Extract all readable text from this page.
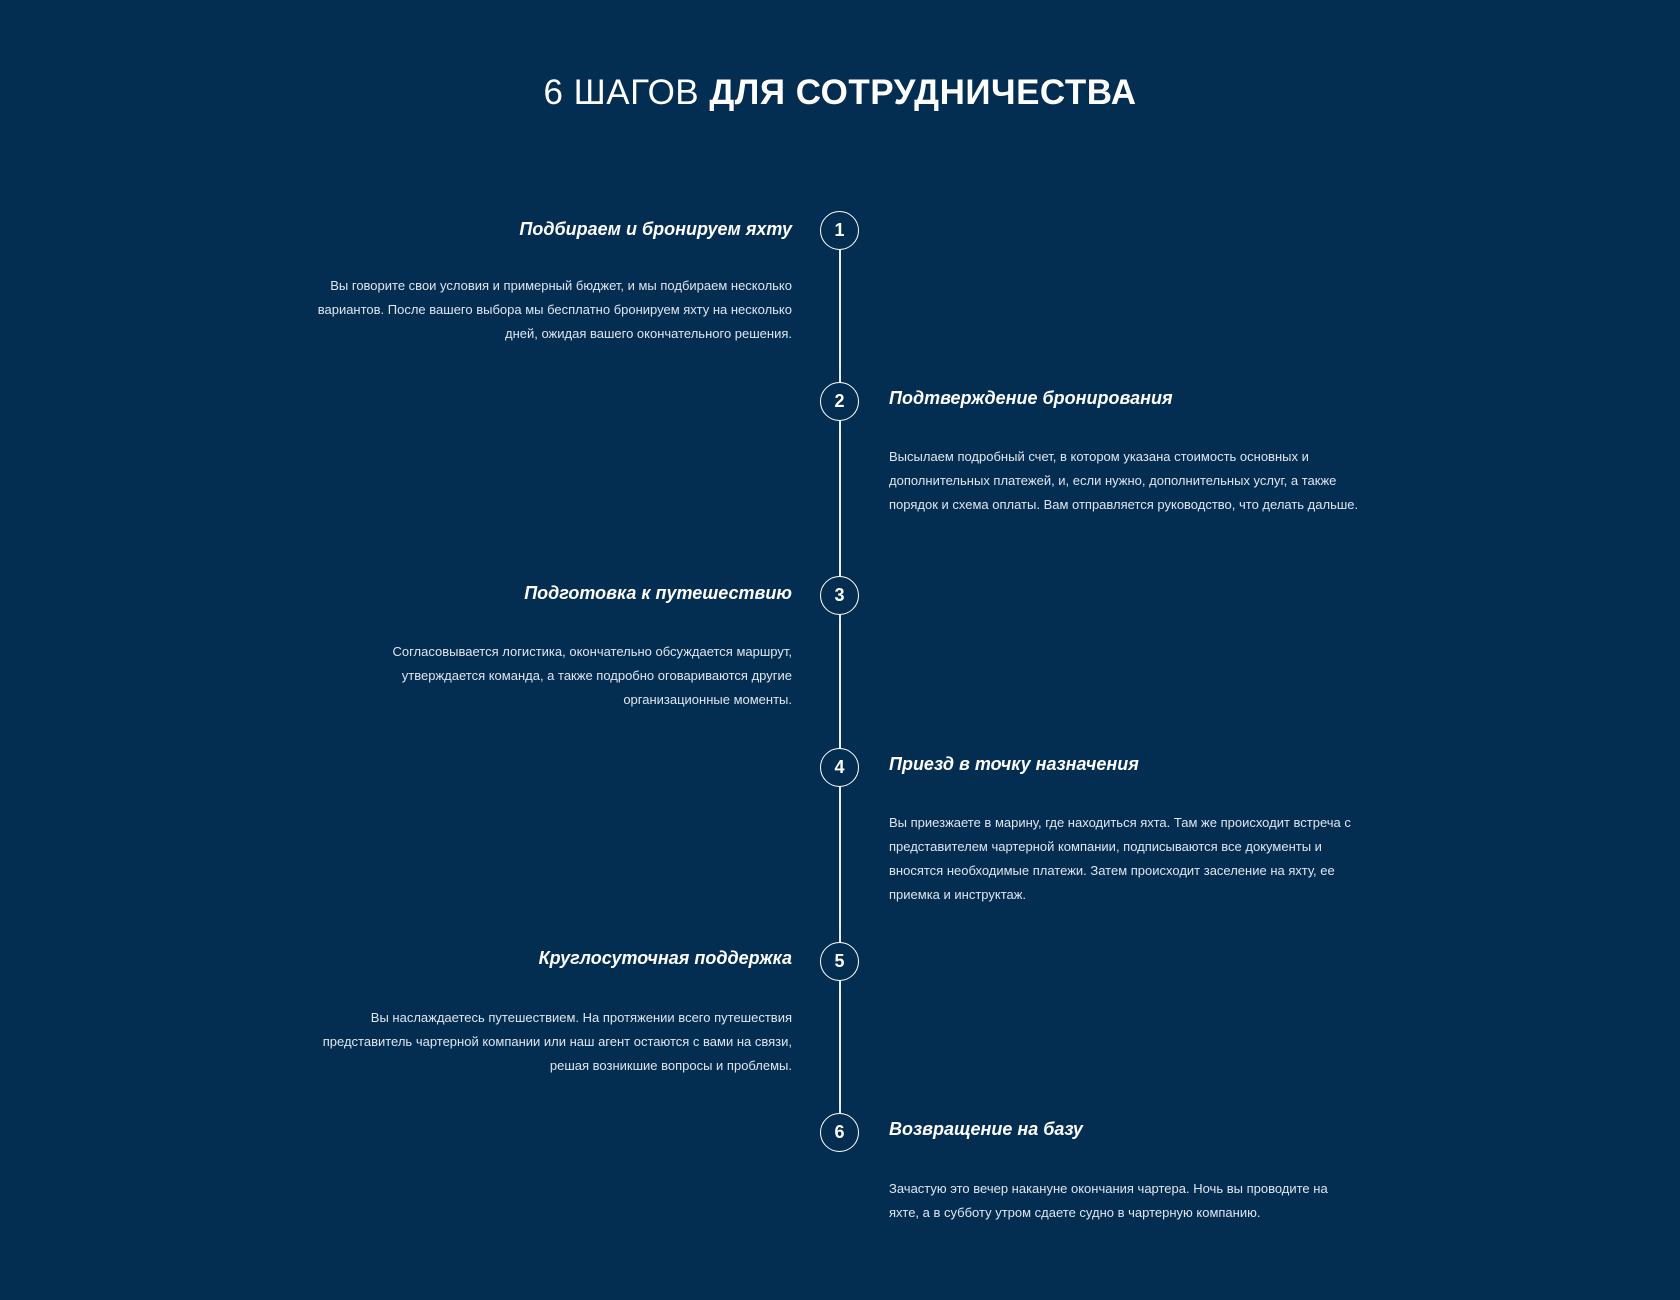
6 ШАГОВ ДЛЯ СОТРУДНИЧЕСТВА
1
Подбираем и бронируем яхту

Вы говорите свои условия и примерный бюджет, и мы подбираем несколько вариантов. После вашего выбора мы бесплатно бронируем яхту на несколько дней, ожидая вашего окончательного решения.

2	Подтверждение бронирования

Высылаем подробный счет, в котором указана стоимость основных и дополнительных платежей, и, если нужно, дополнительных услуг, а также порядок и схема оплаты. Вам отправляется руководство, что делать дальше.

3
Подготовка к путешествию

Согласовывается логистика, окончательно обсуждается маршрут, утверждается команда, а также подробно оговариваются другие организационные моменты.

4	Приезд в точку назначения

Вы приезжаете в марину, где находиться яхта. Там же происходит встреча с представителем чартерной компании, подписываются все документы и вносятся необходимые платежи. Затем происходит заселение на яхту, ее приемка и инструктаж.

5
Круглосуточная поддержка

Вы наслаждаетесь путешествием. На протяжении всего путешествия представитель чартерной компании или наш агент остаются с вами на связи, решая возникшие вопросы и проблемы.

6	Возвращение на базу

Зачастую это вечер накануне окончания чартера. Ночь вы проводите на яхте, а в субботу утром сдаете судно в чартерную компанию.
